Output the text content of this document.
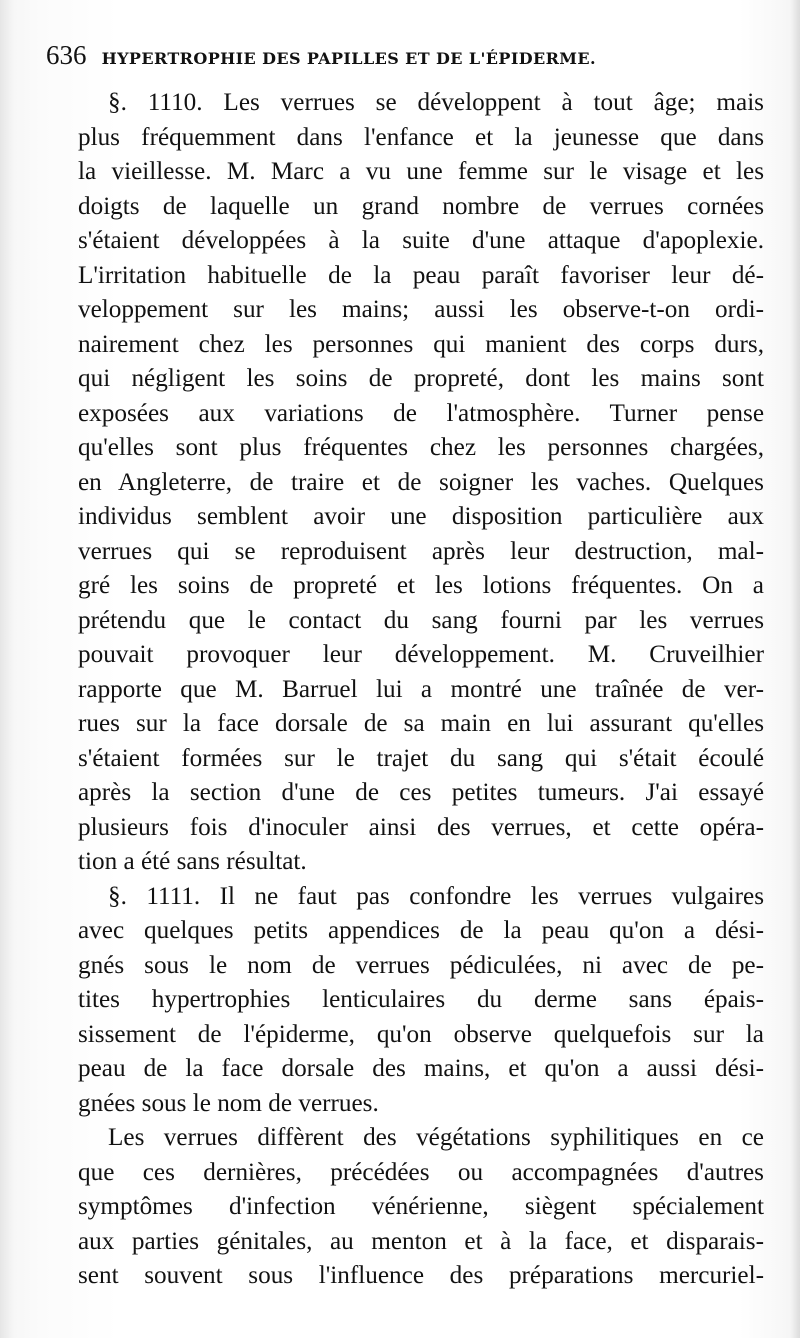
636 HYPERTROPHIE DES PAPILLES ET DE L'ÉPIDERME.
§. 1110. Les verrues se développent à tout âge; mais
plus fréquemment dans l'enfance et la jeunesse que dans
la vieillesse. M. Marc a vu une femme sur le visage et les
doigts de laquelle un grand nombre de verrues cornées
s'étaient développées à la suite d'une attaque d'apoplexie.
L'irritation habituelle de la peau paraît favoriser leur dé-
veloppement sur les mains; aussi les observe-t-on ordi-
nairement chez les personnes qui manient des corps durs,
qui négligent les soins de propreté, dont les mains sont
exposées aux variations de l'atmosphère. Turner pense
qu'elles sont plus fréquentes chez les personnes chargées,
en Angleterre, de traire et de soigner les vaches. Quelques
individus semblent avoir une disposition particulière aux
verrues qui se reproduisent après leur destruction, mal-
gré les soins de propreté et les lotions fréquentes. On a
prétendu que le contact du sang fourni par les verrues
pouvait provoquer leur développement. M. Cruveilhier
rapporte que M. Barruel lui a montré une traînée de ver-
rues sur la face dorsale de sa main en lui assurant qu'elles
s'étaient formées sur le trajet du sang qui s'était écoulé
après la section d'une de ces petites tumeurs. J'ai essayé
plusieurs fois d'inoculer ainsi des verrues, et cette opéra-
tion a été sans résultat.
§. 1111. Il ne faut pas confondre les verrues vulgaires
avec quelques petits appendices de la peau qu'on a dési-
gnés sous le nom de verrues pédiculées, ni avec de pe-
tites hypertrophies lenticulaires du derme sans épais-
sissement de l'épiderme, qu'on observe quelquefois sur la
peau de la face dorsale des mains, et qu'on a aussi dési-
gnées sous le nom de verrues.
Les verrues diffèrent des végétations syphilitiques en ce
que ces dernières, précédées ou accompagnées d'autres
symptômes d'infection vénérienne, siègent spécialement
aux parties génitales, au menton et à la face, et disparais-
sent souvent sous l'influence des préparations mercuriel-
